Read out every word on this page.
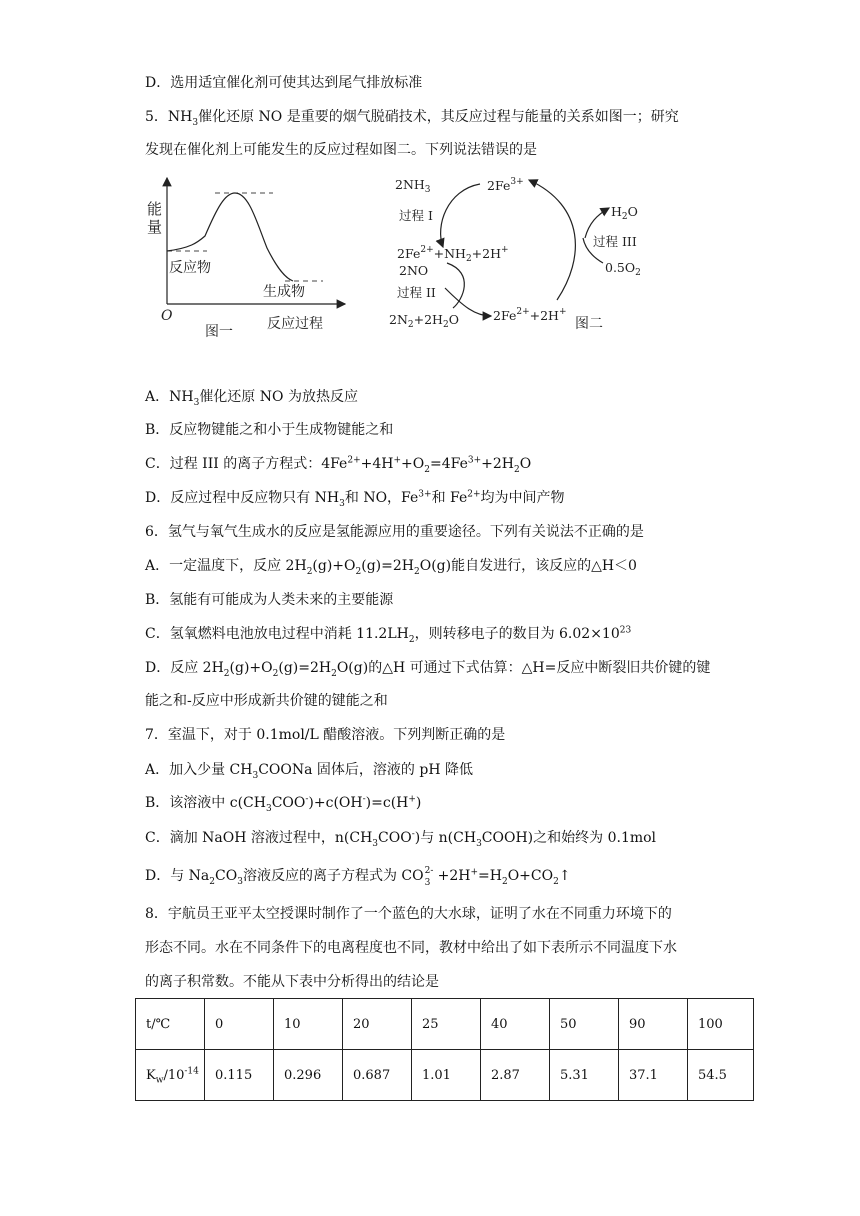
D．选用适宜催化剂可使其达到尾气排放标准
5．$NH_3$催化还原 NO 是重要的烟气脱硝技术，其反应过程与能量的关系如图一；研究
发现在催化剂上可能发生的反应过程如图二。下列说法错误的是
能
量
反应物
生成物
O
图一 反应过程
$2NH_3$	$2Fe^{3+}$
过程 I
$2Fe^{2+}+NH_2+2H^+$
2NO
过程 II
$2N_2+2H_2O$	$2Fe^{2+}+2H^+$
$H_2O$
过程 III
$0.5O_2$
图二
A．$NH_3$催化还原 NO 为放热反应
B．反应物键能之和小于生成物键能之和
C．过程 III 的离子方程式：$4Fe^{2+}+4H^++O_2=4Fe^{3+}+2H_2O$
D．反应过程中反应物只有 $NH_3$和 NO，$Fe^{3+}$和 $Fe^{2+}$均为中间产物
6．氢气与氧气生成水的反应是氢能源应用的重要途径。下列有关说法不正确的是
A．一定温度下，反应 $2H_2(g)+O_2(g)=2H_2O(g)$能自发进行，该反应的△H＜0
B．氢能有可能成为人类未来的主要能源
C．氢氧燃料电池放电过程中消耗 $11.2LH_2$，则转移电子的数目为 $6.02\times 10^{23}$
D．反应 $2H_2(g)+O_2(g)=2H_2O(g)$的△H 可通过下式估算：△H=反应中断裂旧共价键的键
能之和-反应中形成新共价键的键能之和
7．室温下，对于 0.1mol/L 醋酸溶液。下列判断正确的是
A．加入少量 $CH_3COONa$ 固体后，溶液的 pH 降低
B．该溶液中 $c(CH_3COO^-)+c(OH^-)=c(H^+)$
C．滴加 NaOH 溶液过程中，$n(CH_3COO^-)$与 $n(CH_3COOH)$之和始终为 0.1mol
D．与 $Na_2CO_3$溶液反应的离子方程式为 CO 2-
$3 +2H^+=H_2O+CO_2↑$
8．宇航员王亚平太空授课时制作了一个蓝色的大水球，证明了水在不同重力环境下的
形态不同。水在不同条件下的电离程度也不同，教材中给出了如下表所示不同温度下水
的离子积常数。不能从下表中分析得出的结论是
t/℃	0	10	20	25	40	50	90	100
$K_w/10^{-14}$	0.115	0.296	0.687	1.01	2.87	5.31	37.1	54.5
